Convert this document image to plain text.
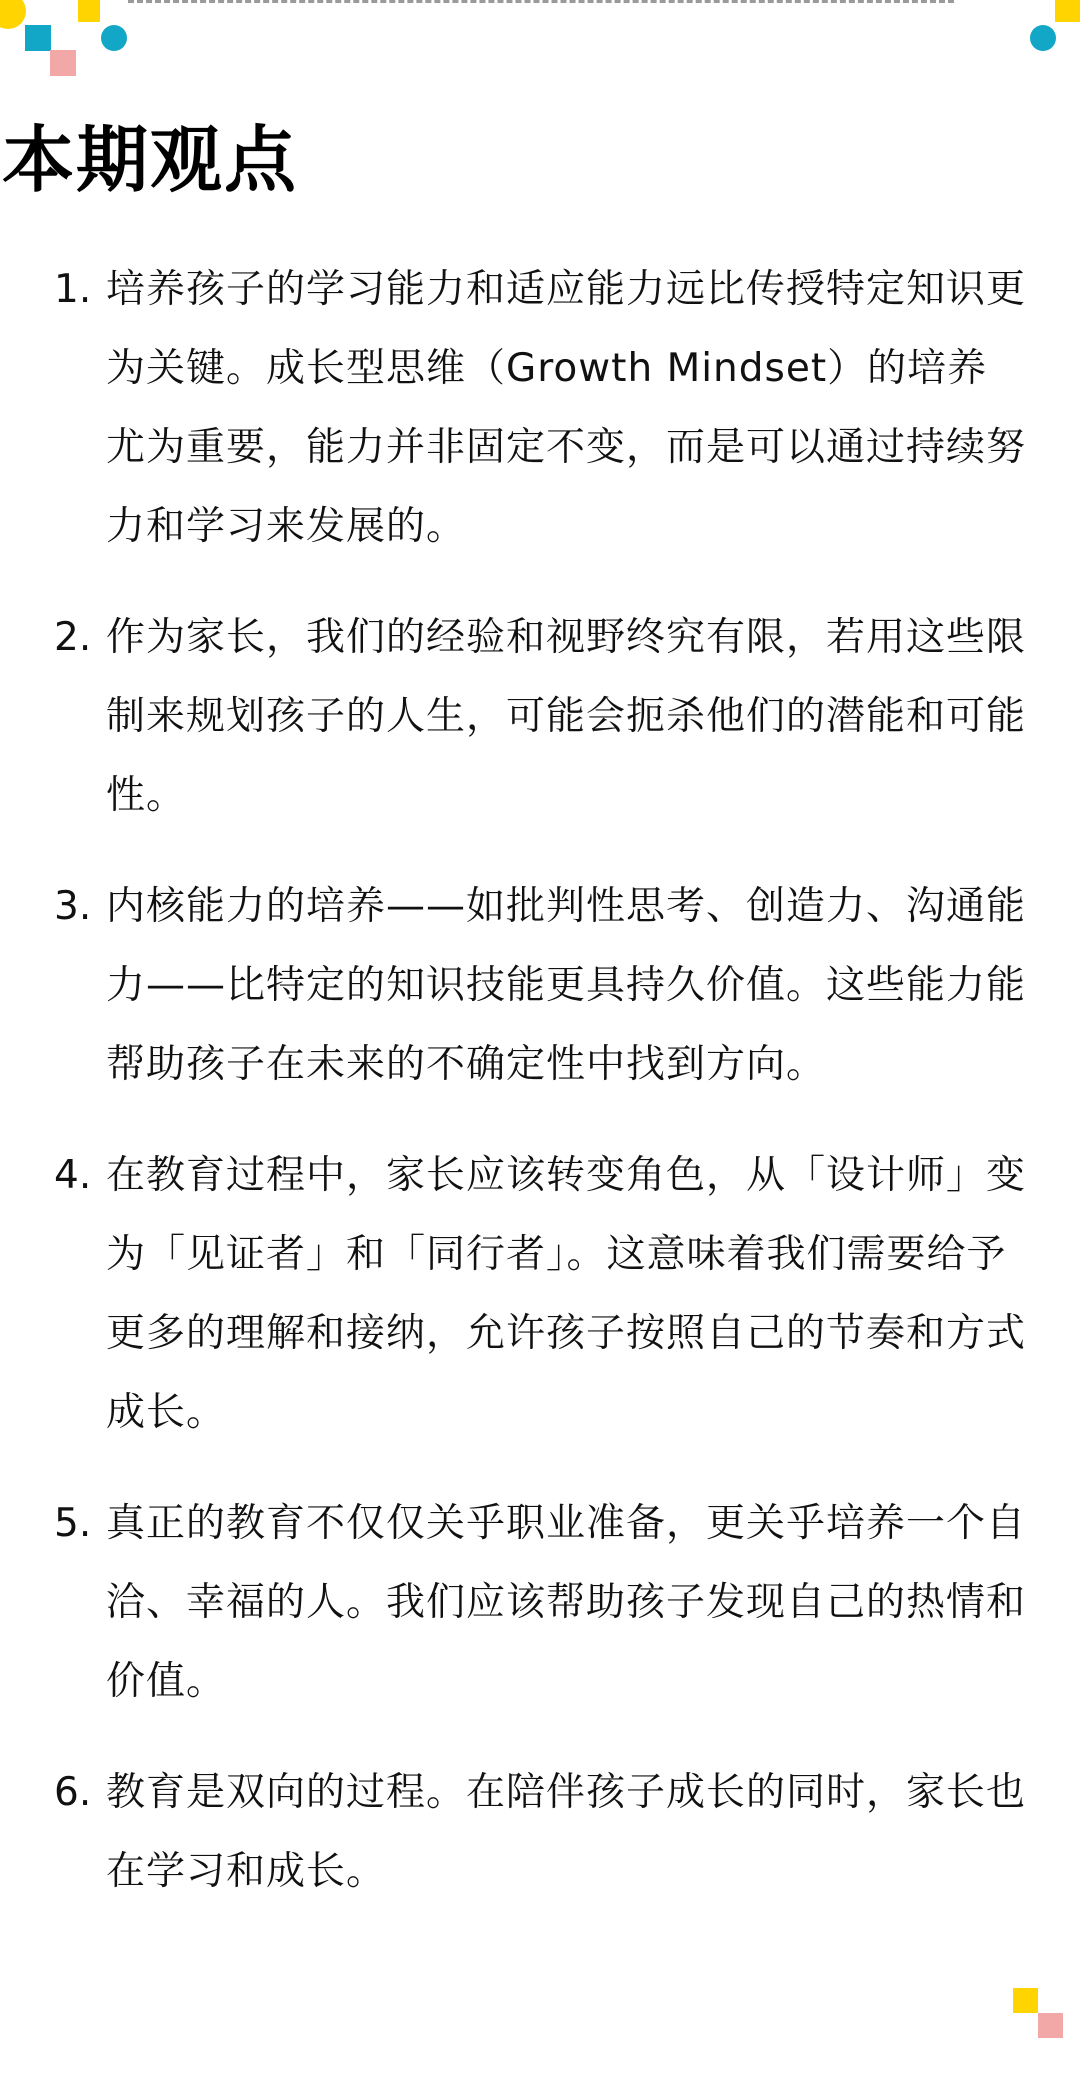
本期观点
1. 培养孩子的学习能力和适应能力远比传授特定知识更为关键。成长型思维（Growth Mindset）的培养尤为重要，能力并非固定不变，而是可以通过持续努力和学习来发展的。
2. 作为家长，我们的经验和视野终究有限，若用这些限制来规划孩子的人生，可能会扼杀他们的潜能和可能性。
3. 内核能力的培养——如批判性思考、创造力、沟通能力——比特定的知识技能更具持久价值。这些能力能帮助孩子在未来的不确定性中找到方向。
4. 在教育过程中，家长应该转变角色，从「设计师」变为「见证者」和「同行者」。这意味着我们需要给予更多的理解和接纳，允许孩子按照自己的节奏和方式成长。
5. 真正的教育不仅仅关乎职业准备，更关乎培养一个自洽、幸福的人。我们应该帮助孩子发现自己的热情和价值。
6. 教育是双向的过程。在陪伴孩子成长的同时，家长也在学习和成长。
